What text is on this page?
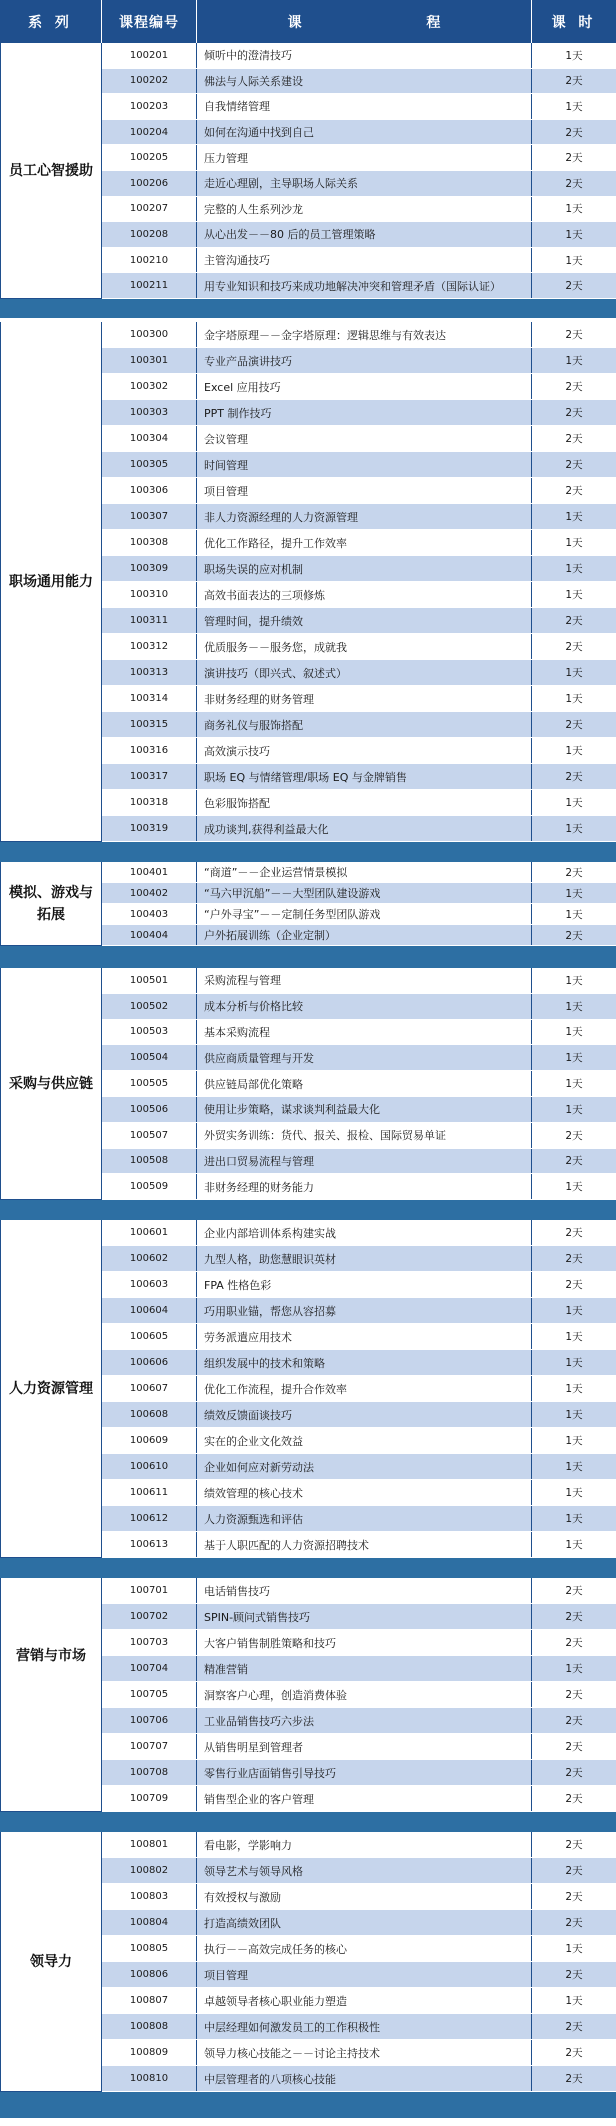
系 列	课程编号	课 程	课 时
员工心智援助
100201	倾听中的澄清技巧	1天
100202	佛法与人际关系建设	2天
100203	自我情绪管理	1天
100204	如何在沟通中找到自己	2天
100205	压力管理	2天
100206	走近心理剧，主导职场人际关系	2天
100207	完整的人生系列沙龙	1天
100208	从心出发－－80 后的员工管理策略	1天
100210	主管沟通技巧	1天
100211	用专业知识和技巧来成功地解决冲突和管理矛盾（国际认证）	2天
职场通用能力
100300	金字塔原理－－金字塔原理：逻辑思维与有效表达	2天
100301	专业产品演讲技巧	1天
100302	Excel 应用技巧	2天
100303	PPT 制作技巧	2天
100304	会议管理	2天
100305	时间管理	2天
100306	项目管理	2天
100307	非人力资源经理的人力资源管理	1天
100308	优化工作路径，提升工作效率	1天
100309	职场失误的应对机制	1天
100310	高效书面表达的三项修炼	1天
100311	管理时间，提升绩效	2天
100312	优质服务－－服务您，成就我	2天
100313	演讲技巧（即兴式、叙述式）	1天
100314	非财务经理的财务管理	1天
100315	商务礼仪与服饰搭配	2天
100316	高效演示技巧	1天
100317	职场 EQ 与情绪管理/职场 EQ 与金牌销售	2天
100318	色彩服饰搭配	1天
100319	成功谈判,获得利益最大化	1天
模拟、游戏与拓展
100401	“商道”－－企业运营情景模拟	2天
100402	“马六甲沉船”－－大型团队建设游戏	1天
100403	“户外寻宝”－－定制任务型团队游戏	1天
100404	户外拓展训练（企业定制）	2天
采购与供应链
100501	采购流程与管理	1天
100502	成本分析与价格比较	1天
100503	基本采购流程	1天
100504	供应商质量管理与开发	1天
100505	供应链局部优化策略	1天
100506	使用让步策略，谋求谈判利益最大化	1天
100507	外贸实务训练：货代、报关、报检、国际贸易单证	2天
100508	进出口贸易流程与管理	2天
100509	非财务经理的财务能力	1天
人力资源管理
100601	企业内部培训体系构建实战	2天
100602	九型人格，助您慧眼识英材	2天
100603	FPA 性格色彩	2天
100604	巧用职业锚，帮您从容招募	1天
100605	劳务派遣应用技术	1天
100606	组织发展中的技术和策略	1天
100607	优化工作流程，提升合作效率	1天
100608	绩效反馈面谈技巧	1天
100609	实在的企业文化效益	1天
100610	企业如何应对新劳动法	1天
100611	绩效管理的核心技术	1天
100612	人力资源甄选和评估	1天
100613	基于人职匹配的人力资源招聘技术	1天
营销与市场
100701	电话销售技巧	2天
100702	SPIN-顾问式销售技巧	2天
100703	大客户销售制胜策略和技巧	2天
100704	精准营销	1天
100705	洞察客户心理，创造消费体验	2天
100706	工业品销售技巧六步法	2天
100707	从销售明星到管理者	2天
100708	零售行业店面销售引导技巧	2天
100709	销售型企业的客户管理	2天
领导力
100801	看电影，学影响力	2天
100802	领导艺术与领导风格	2天
100803	有效授权与激励	2天
100804	打造高绩效团队	2天
100805	执行－－高效完成任务的核心	1天
100806	项目管理	2天
100807	卓越领导者核心职业能力塑造	1天
100808	中层经理如何激发员工的工作积极性	2天
100809	领导力核心技能之－－讨论主持技术	2天
100810	中层管理者的八项核心技能	2天
